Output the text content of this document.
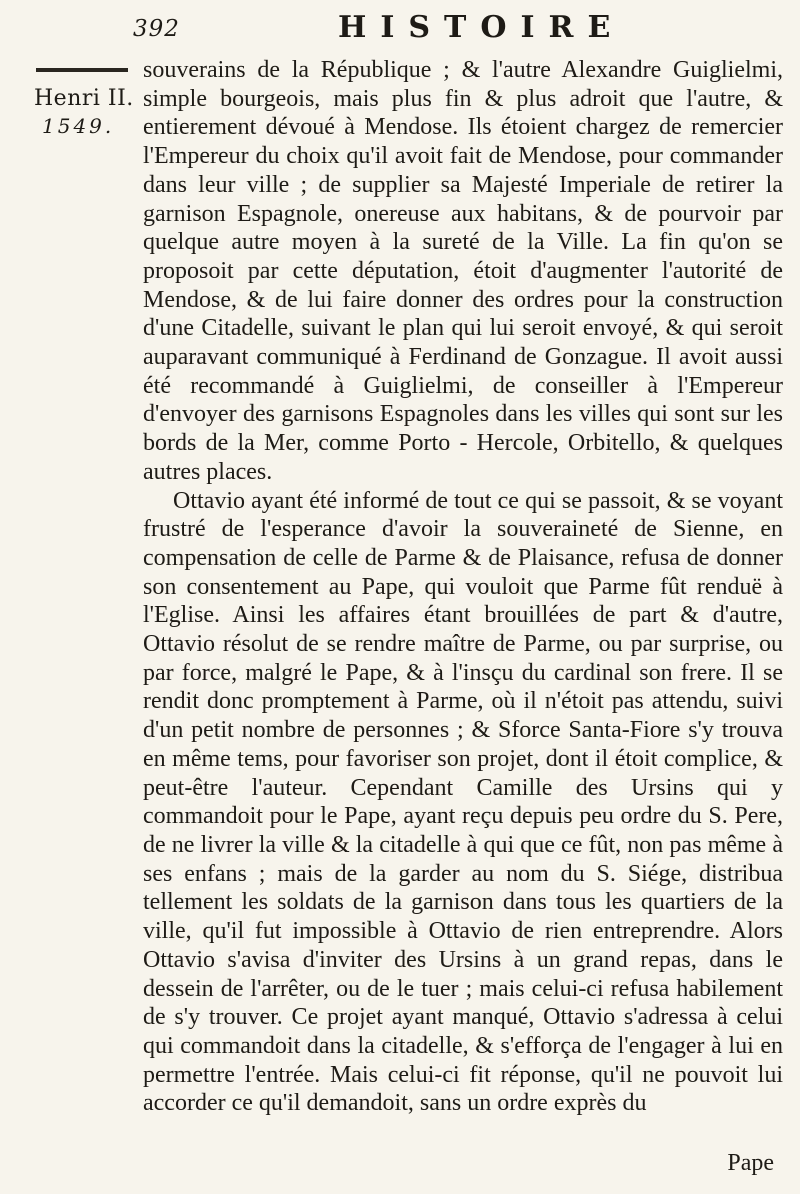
392	HISTOIRE
Henri II.
1549.

souverains de la République ; & l'autre Alexandre Guiglielmi, simple bourgeois, mais plus fin & plus adroit que l'autre, & entierement dévoué à Mendose. Ils étoient chargez de remercier l'Empereur du choix qu'il avoit fait de Mendose, pour commander dans leur ville ; de supplier sa Majesté Imperiale de retirer la garnison Espagnole, onereuse aux habitans, & de pourvoir par quelque autre moyen à la sureté de la Ville. La fin qu'on se proposoit par cette députation, étoit d'augmenter l'autorité de Mendose, & de lui faire donner des ordres pour la construction d'une Citadelle, suivant le plan qui lui seroit envoyé, & qui seroit auparavant communiqué à Ferdinand de Gonzague. Il avoit aussi été recommandé à Guiglielmi, de conseiller à l'Empereur d'envoyer des garnisons Espagnoles dans les villes qui sont sur les bords de la Mer, comme Porto - Hercole, Orbitello, & quelques autres places.

Ottavio ayant été informé de tout ce qui se passoit, & se voyant frustré de l'esperance d'avoir la souveraineté de Sienne, en compensation de celle de Parme & de Plaisance, refusa de donner son consentement au Pape, qui vouloit que Parme fût renduë à l'Eglise. Ainsi les affaires étant brouillées de part & d'autre, Ottavio résolut de se rendre maître de Parme, ou par surprise, ou par force, malgré le Pape, & à l'insçu du cardinal son frere. Il se rendit donc promptement à Parme, où il n'étoit pas attendu, suivi d'un petit nombre de personnes ; & Sforce Santa-Fiore s'y trouva en même tems, pour favoriser son projet, dont il étoit complice, & peut-être l'auteur. Cependant Camille des Ursins qui y commandoit pour le Pape, ayant reçu depuis peu ordre du S. Pere, de ne livrer la ville & la citadelle à qui que ce fût, non pas même à ses enfans ; mais de la garder au nom du S. Siége, distribua tellement les soldats de la garnison dans tous les quartiers de la ville, qu'il fut impossible à Ottavio de rien entreprendre. Alors Ottavio s'avisa d'inviter des Ursins à un grand repas, dans le dessein de l'arrêter, ou de le tuer ; mais celui-ci refusa habilement de s'y trouver. Ce projet ayant manqué, Ottavio s'adressa à celui qui commandoit dans la citadelle, & s'efforça de l'engager à lui en permettre l'entrée. Mais celui-ci fit réponse, qu'il ne pouvoit lui accorder ce qu'il demandoit, sans un ordre exprès du

Pape
